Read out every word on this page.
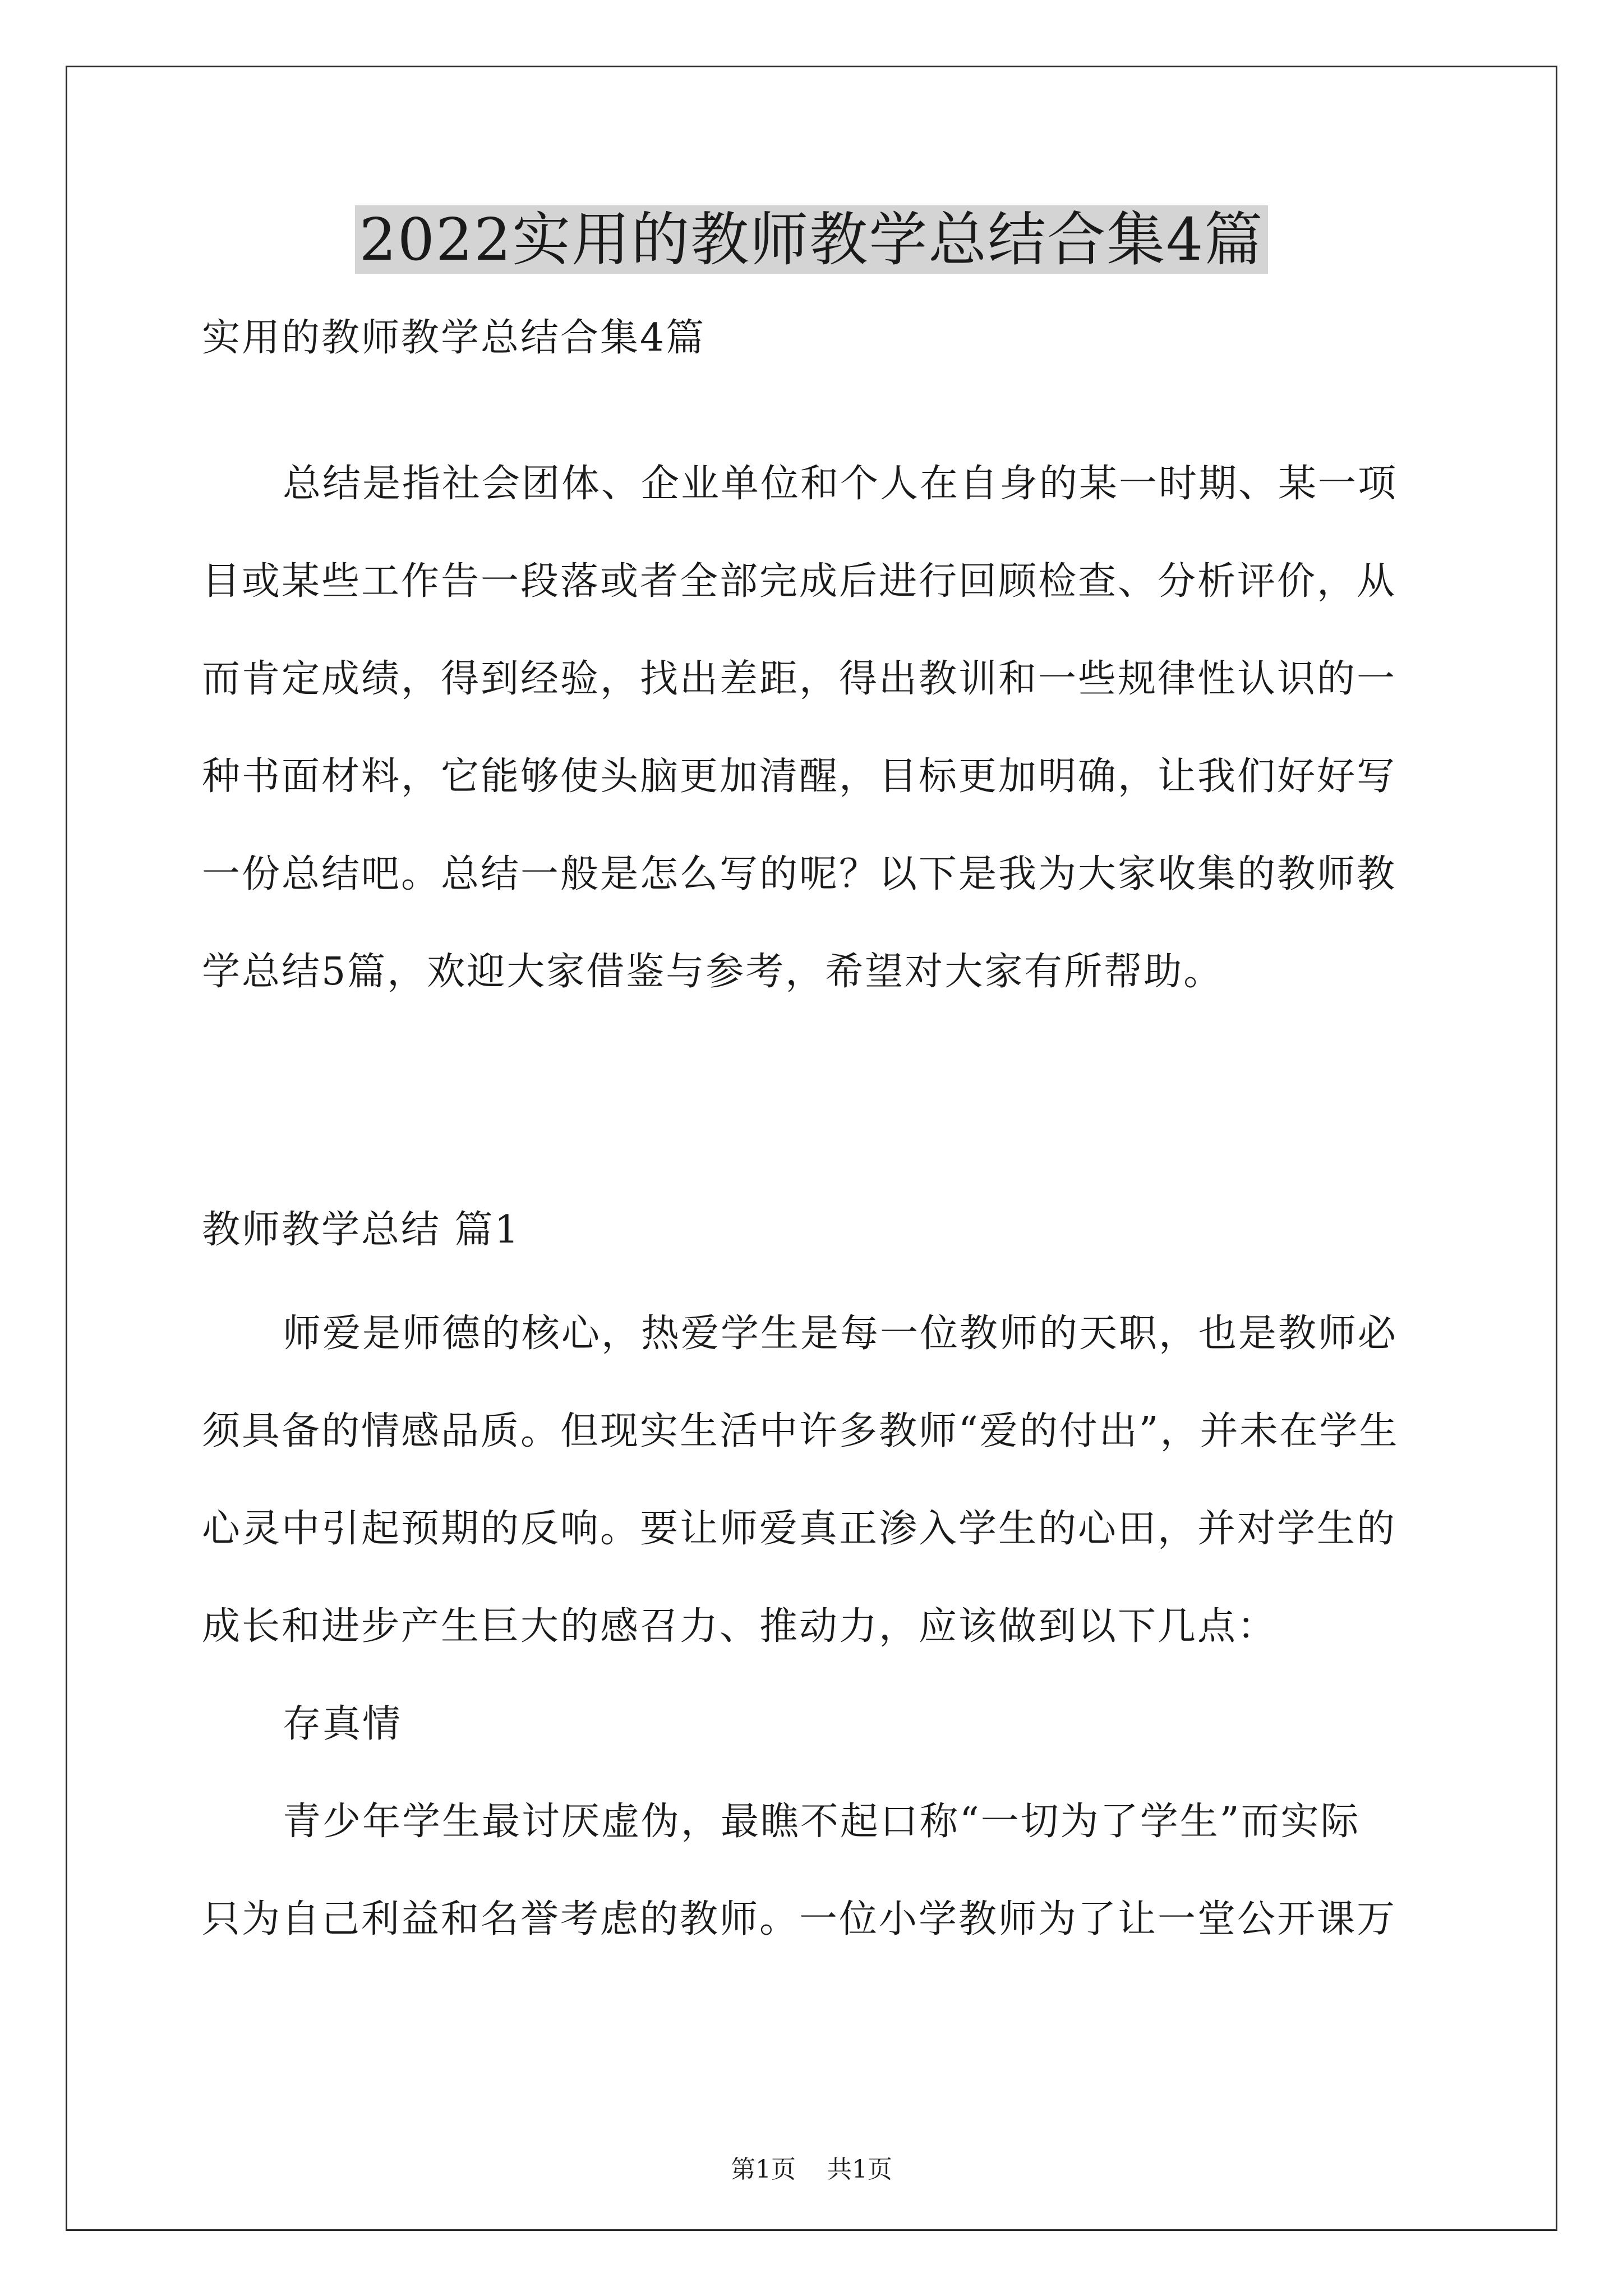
2022实用的教师教学总结合集4篇
实用的教师教学总结合集4篇
总结是指社会团体、企业单位和个人在自身的某一时期、某一项
目或某些工作告一段落或者全部完成后进行回顾检查、分析评价，从
而肯定成绩，得到经验，找出差距，得出教训和一些规律性认识的一
种书面材料，它能够使头脑更加清醒，目标更加明确，让我们好好写
一份总结吧。总结一般是怎么写的呢？以下是我为大家收集的教师教
学总结5篇，欢迎大家借鉴与参考，希望对大家有所帮助。
教师教学总结 篇1
师爱是师德的核心，热爱学生是每一位教师的天职，也是教师必
须具备的情感品质。但现实生活中许多教师“爱的付出”，并未在学生
心灵中引起预期的反响。要让师爱真正渗入学生的心田，并对学生的
成长和进步产生巨大的感召力、推动力，应该做到以下几点：
存真情
青少年学生最讨厌虚伪，最瞧不起口称“一切为了学生”而实际
只为自己利益和名誉考虑的教师。一位小学教师为了让一堂公开课万
第1页    共1页
